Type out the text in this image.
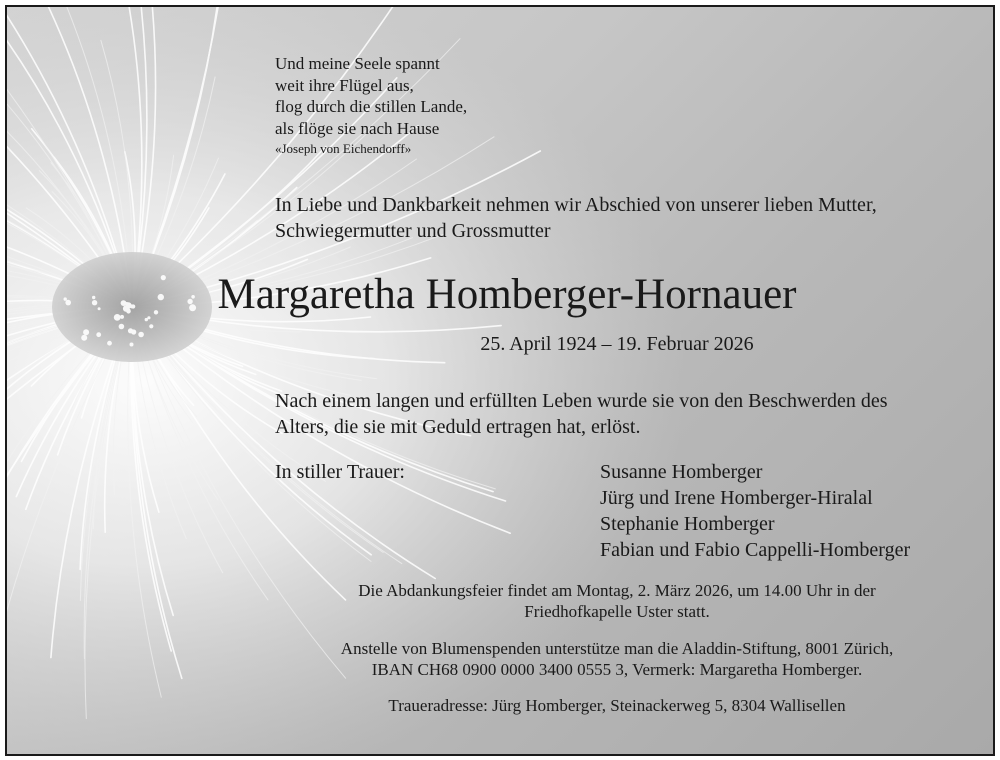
Und meine Seele spannt
weit ihre Flügel aus,
flog durch die stillen Lande,
als flöge sie nach Hause
«Joseph von Eichendorff»

In Liebe und Dankbarkeit nehmen wir Abschied von unserer lieben Mutter,
Schwiegermutter und Grossmutter

Margaretha Homberger-Hornauer

25. April 1924 – 19. Februar 2026

Nach einem langen und erfüllten Leben wurde sie von den Beschwerden des
Alters, die sie mit Geduld ertragen hat, erlöst.

In stiller Trauer:	Susanne Homberger
Jürg und Irene Homberger-Hiralal
Stephanie Homberger
Fabian und Fabio Cappelli-Homberger

Die Abdankungsfeier findet am Montag, 2. März 2026, um 14.00 Uhr in der
Friedhofkapelle Uster statt.

Anstelle von Blumenspenden unterstütze man die Aladdin-Stiftung, 8001 Zürich,
IBAN CH68 0900 0000 3400 0555 3, Vermerk: Margaretha Homberger.

Traueradresse: Jürg Homberger, Steinackerweg 5, 8304 Wallisellen
